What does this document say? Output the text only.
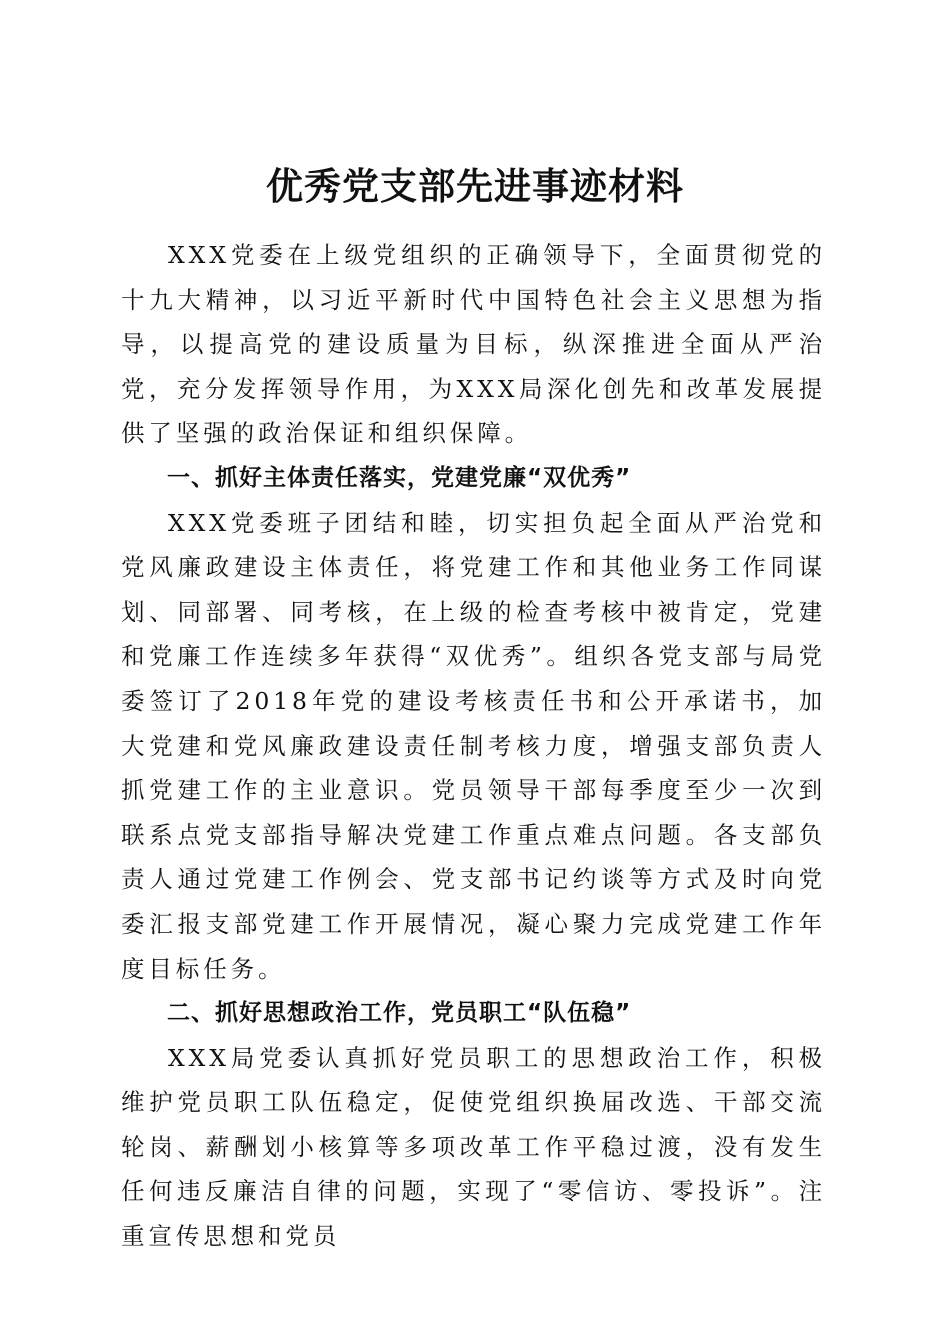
优秀党支部先进事迹材料

XXX党委在上级党组织的正确领导下，全面贯彻党的十九大精神，以习近平新时代中国特色社会主义思想为指导，以提高党的建设质量为目标，纵深推进全面从严治党，充分发挥领导作用，为XXX局深化创先和改革发展提供了坚强的政治保证和组织保障。

一、抓好主体责任落实，党建党廉“双优秀”

XXX党委班子团结和睦，切实担负起全面从严治党和党风廉政建设主体责任，将党建工作和其他业务工作同谋划、同部署、同考核，在上级的检查考核中被肯定，党建和党廉工作连续多年获得“双优秀”。组织各党支部与局党委签订了2018年党的建设考核责任书和公开承诺书，加大党建和党风廉政建设责任制考核力度，增强支部负责人抓党建工作的主业意识。党员领导干部每季度至少一次到联系点党支部指导解决党建工作重点难点问题。各支部负责人通过党建工作例会、党支部书记约谈等方式及时向党委汇报支部党建工作开展情况，凝心聚力完成党建工作年度目标任务。

二、抓好思想政治工作，党员职工“队伍稳”

XXX局党委认真抓好党员职工的思想政治工作，积极维护党员职工队伍稳定，促使党组织换届改选、干部交流轮岗、薪酬划小核算等多项改革工作平稳过渡，没有发生任何违反廉洁自律的问题，实现了“零信访、零投诉”。注重宣传思想和党员
